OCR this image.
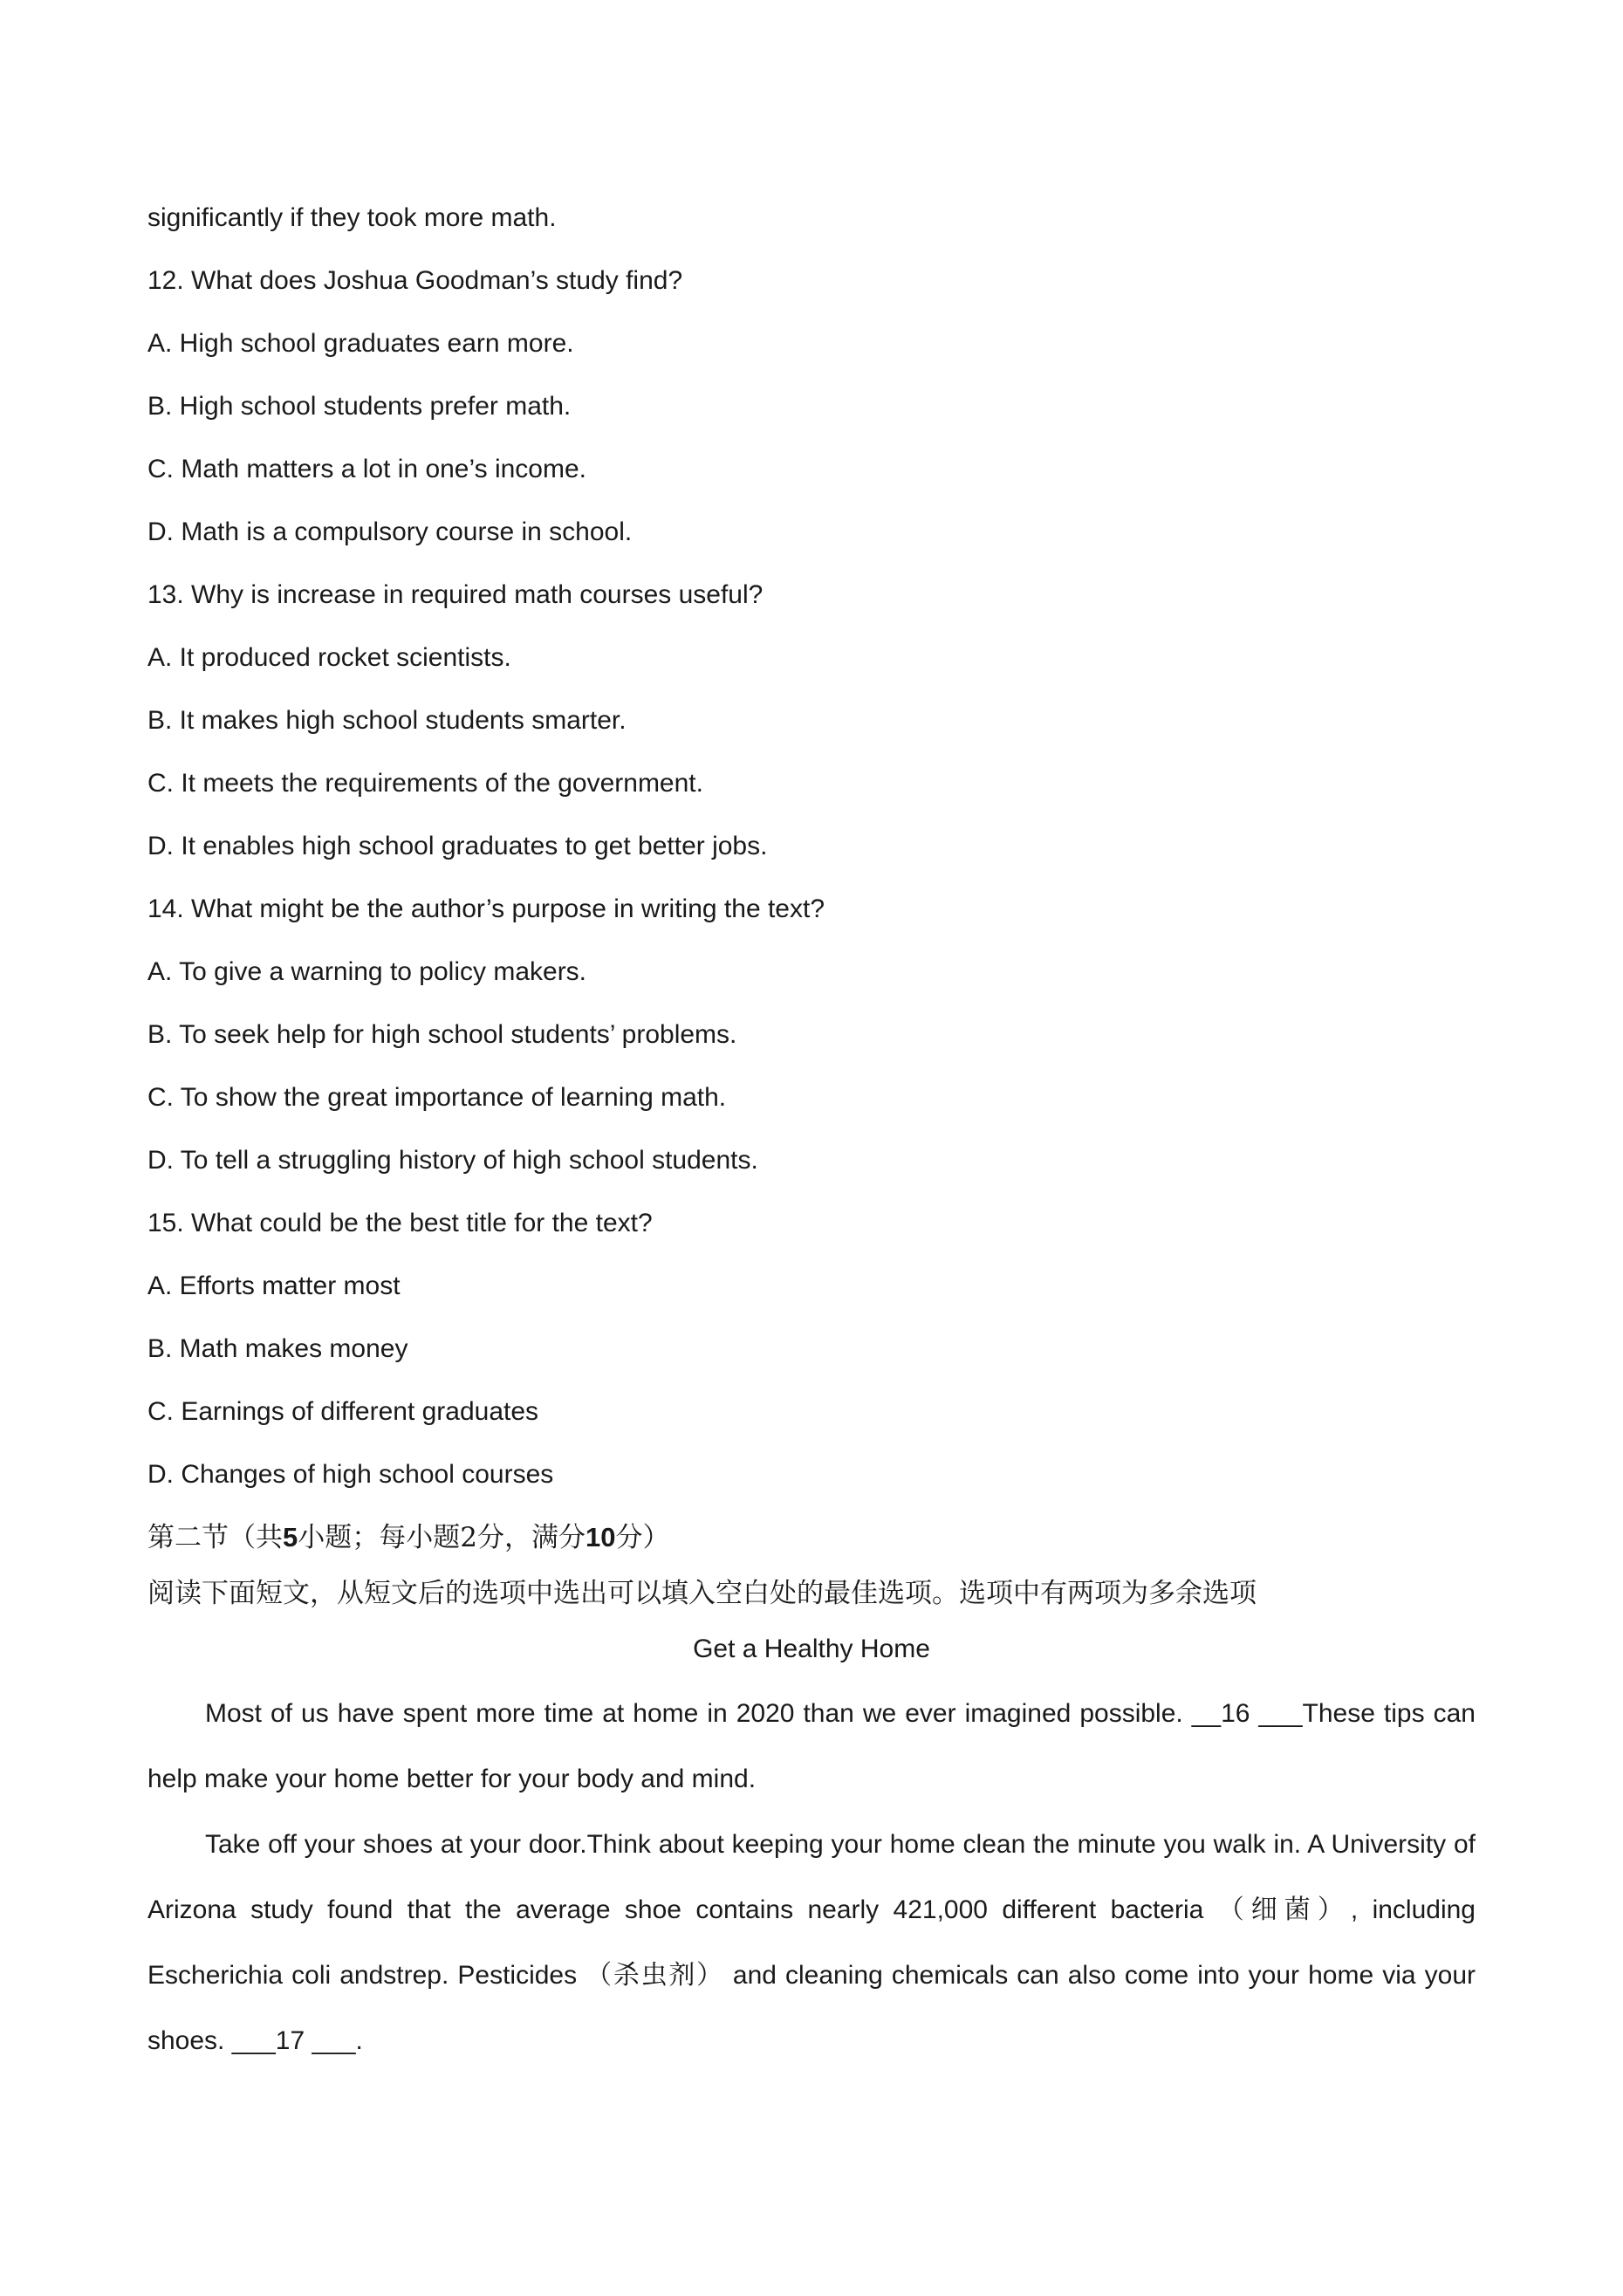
significantly if they took more math.
12. What does Joshua Goodman’s study find?
A. High school graduates earn more.
B. High school students prefer math.
C. Math matters a lot in one’s income.
D. Math is a compulsory course in school.
13. Why is increase in required math courses useful?
A. It produced rocket scientists.
B. It makes high school students smarter.
C. It meets the requirements of the government.
D. It enables high school graduates to get better jobs.
14. What might be the author’s purpose in writing the text?
A. To give a warning to policy makers.
B. To seek help for high school students’ problems.
C. To show the great importance of learning math.
D. To tell a struggling history of high school students.
15. What could be the best title for the text?
A. Efforts matter most
B. Math makes money
C. Earnings of different graduates
D. Changes of high school courses
第二节（共5小题；每小题2分，满分10分）
阅读下面短文，从短文后的选项中选出可以填入空白处的最佳选项。选项中有两项为多余选项
Get a Healthy Home

Most of us have spent more time at home in 2020 than we ever imagined possible. __16 ___These tips can help make your home better for your body and mind.

Take off your shoes at your door.Think about keeping your home clean the minute you walk in. A University of Arizona study found that the average shoe contains nearly 421,000 different bacteria （细菌）, including Escherichia coli andstrep. Pesticides （杀虫剂） and cleaning chemicals can also come into your home via your shoes. ___17 ___.
